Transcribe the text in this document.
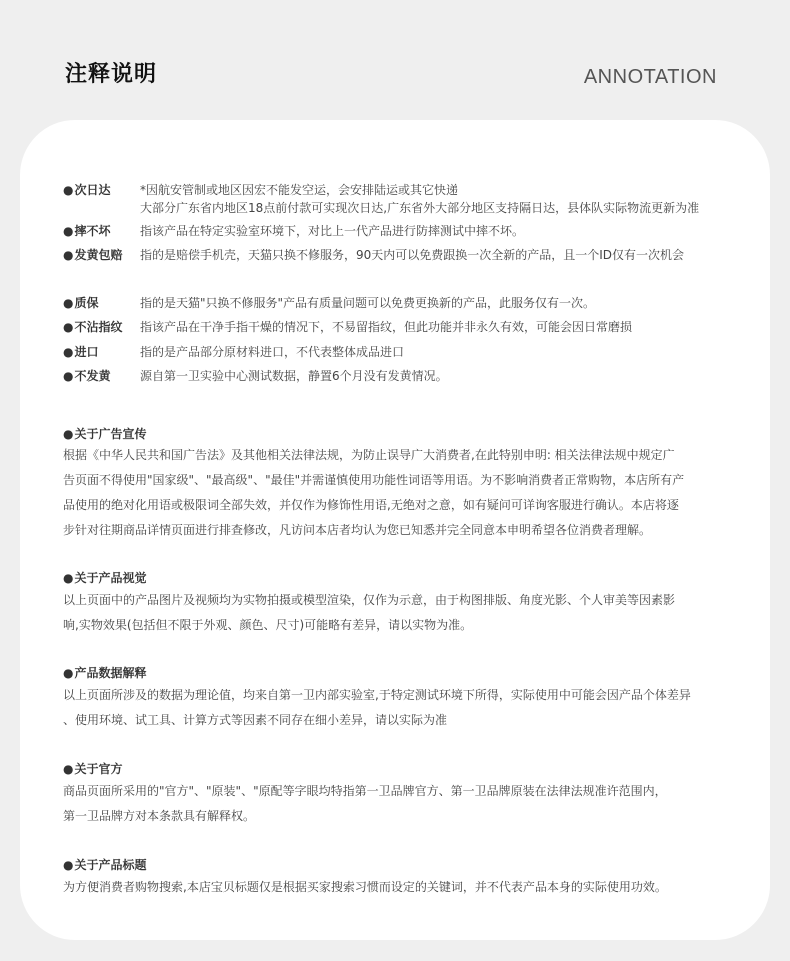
注释说明	ANNOTATION
● 次日达	*因航安管制或地区因宏不能发空运，会安排陆运或其它快递
大部分广东省内地区18点前付款可实现次日达,广东省外大部分地区支持隔日达，县体队实际物流更新为准
● 摔不坏	指该产品在特定实验室环境下，对比上一代产品进行防摔测试中摔不坏。
● 发黄包赔	指的是赔偿手机壳，天猫只换不修服务，90天内可以免费跟换一次全新的产品，且一个ID仅有一次机会
● 质保	指的是天猫"只换不修服务"产品有质量问题可以免费更换新的产品，此服务仅有一次。
● 不沾指纹	指该产品在干净手指干燥的情况下，不易留指纹，但此功能并非永久有效，可能会因日常磨损
● 进口	指的是产品部分原材料进口，不代表整体成品进口
● 不发黄	源自第一卫实验中心测试数据，静置6个月没有发黄情况。
● 关于广告宣传
根据《中华人民共和国广告法》及其他相关法律法规，为防止误导广大消费者,在此特别申明: 相关法律法规中规定广
告页面不得使用"国家级"、"最高级"、"最佳"并需谨慎使用功能性词语等用语。为不影响消费者正常购物，本店所有产
品使用的绝对化用语或极限词全部失效，并仅作为修饰性用语,无绝对之意，如有疑问可详询客服进行确认。本店将逐
步针对往期商品详情页面进行排查修改，凡访问本店者均认为您已知悉并完全同意本申明希望各位消费者理解。
● 关于产品视觉
以上页面中的产品图片及视频均为实物拍摄或模型渲染，仅作为示意，由于构图排版、角度光影、个人审美等因素影
响,实物效果(包括但不限于外观、颜色、尺寸)可能略有差异，请以实物为准。
● 产品数据解释
以上页面所涉及的数据为理论值，均来自第一卫内部实验室,于特定测试环境下所得，实际使用中可能会因产品个体差异
、使用环境、试工具、计算方式等因素不同存在细小差异，请以实际为准
● 关于官方
商品页面所采用的"官方"、"原装"、"原配等字眼均特指第一卫品牌官方、第一卫品牌原装在法律法规准许范围内，
第一卫品牌方对本条款具有解释权。
● 关于产品标题
为方便消费者购物搜索,本店宝贝标题仅是根据买家搜索习惯而设定的关键词，并不代表产品本身的实际使用功效。
